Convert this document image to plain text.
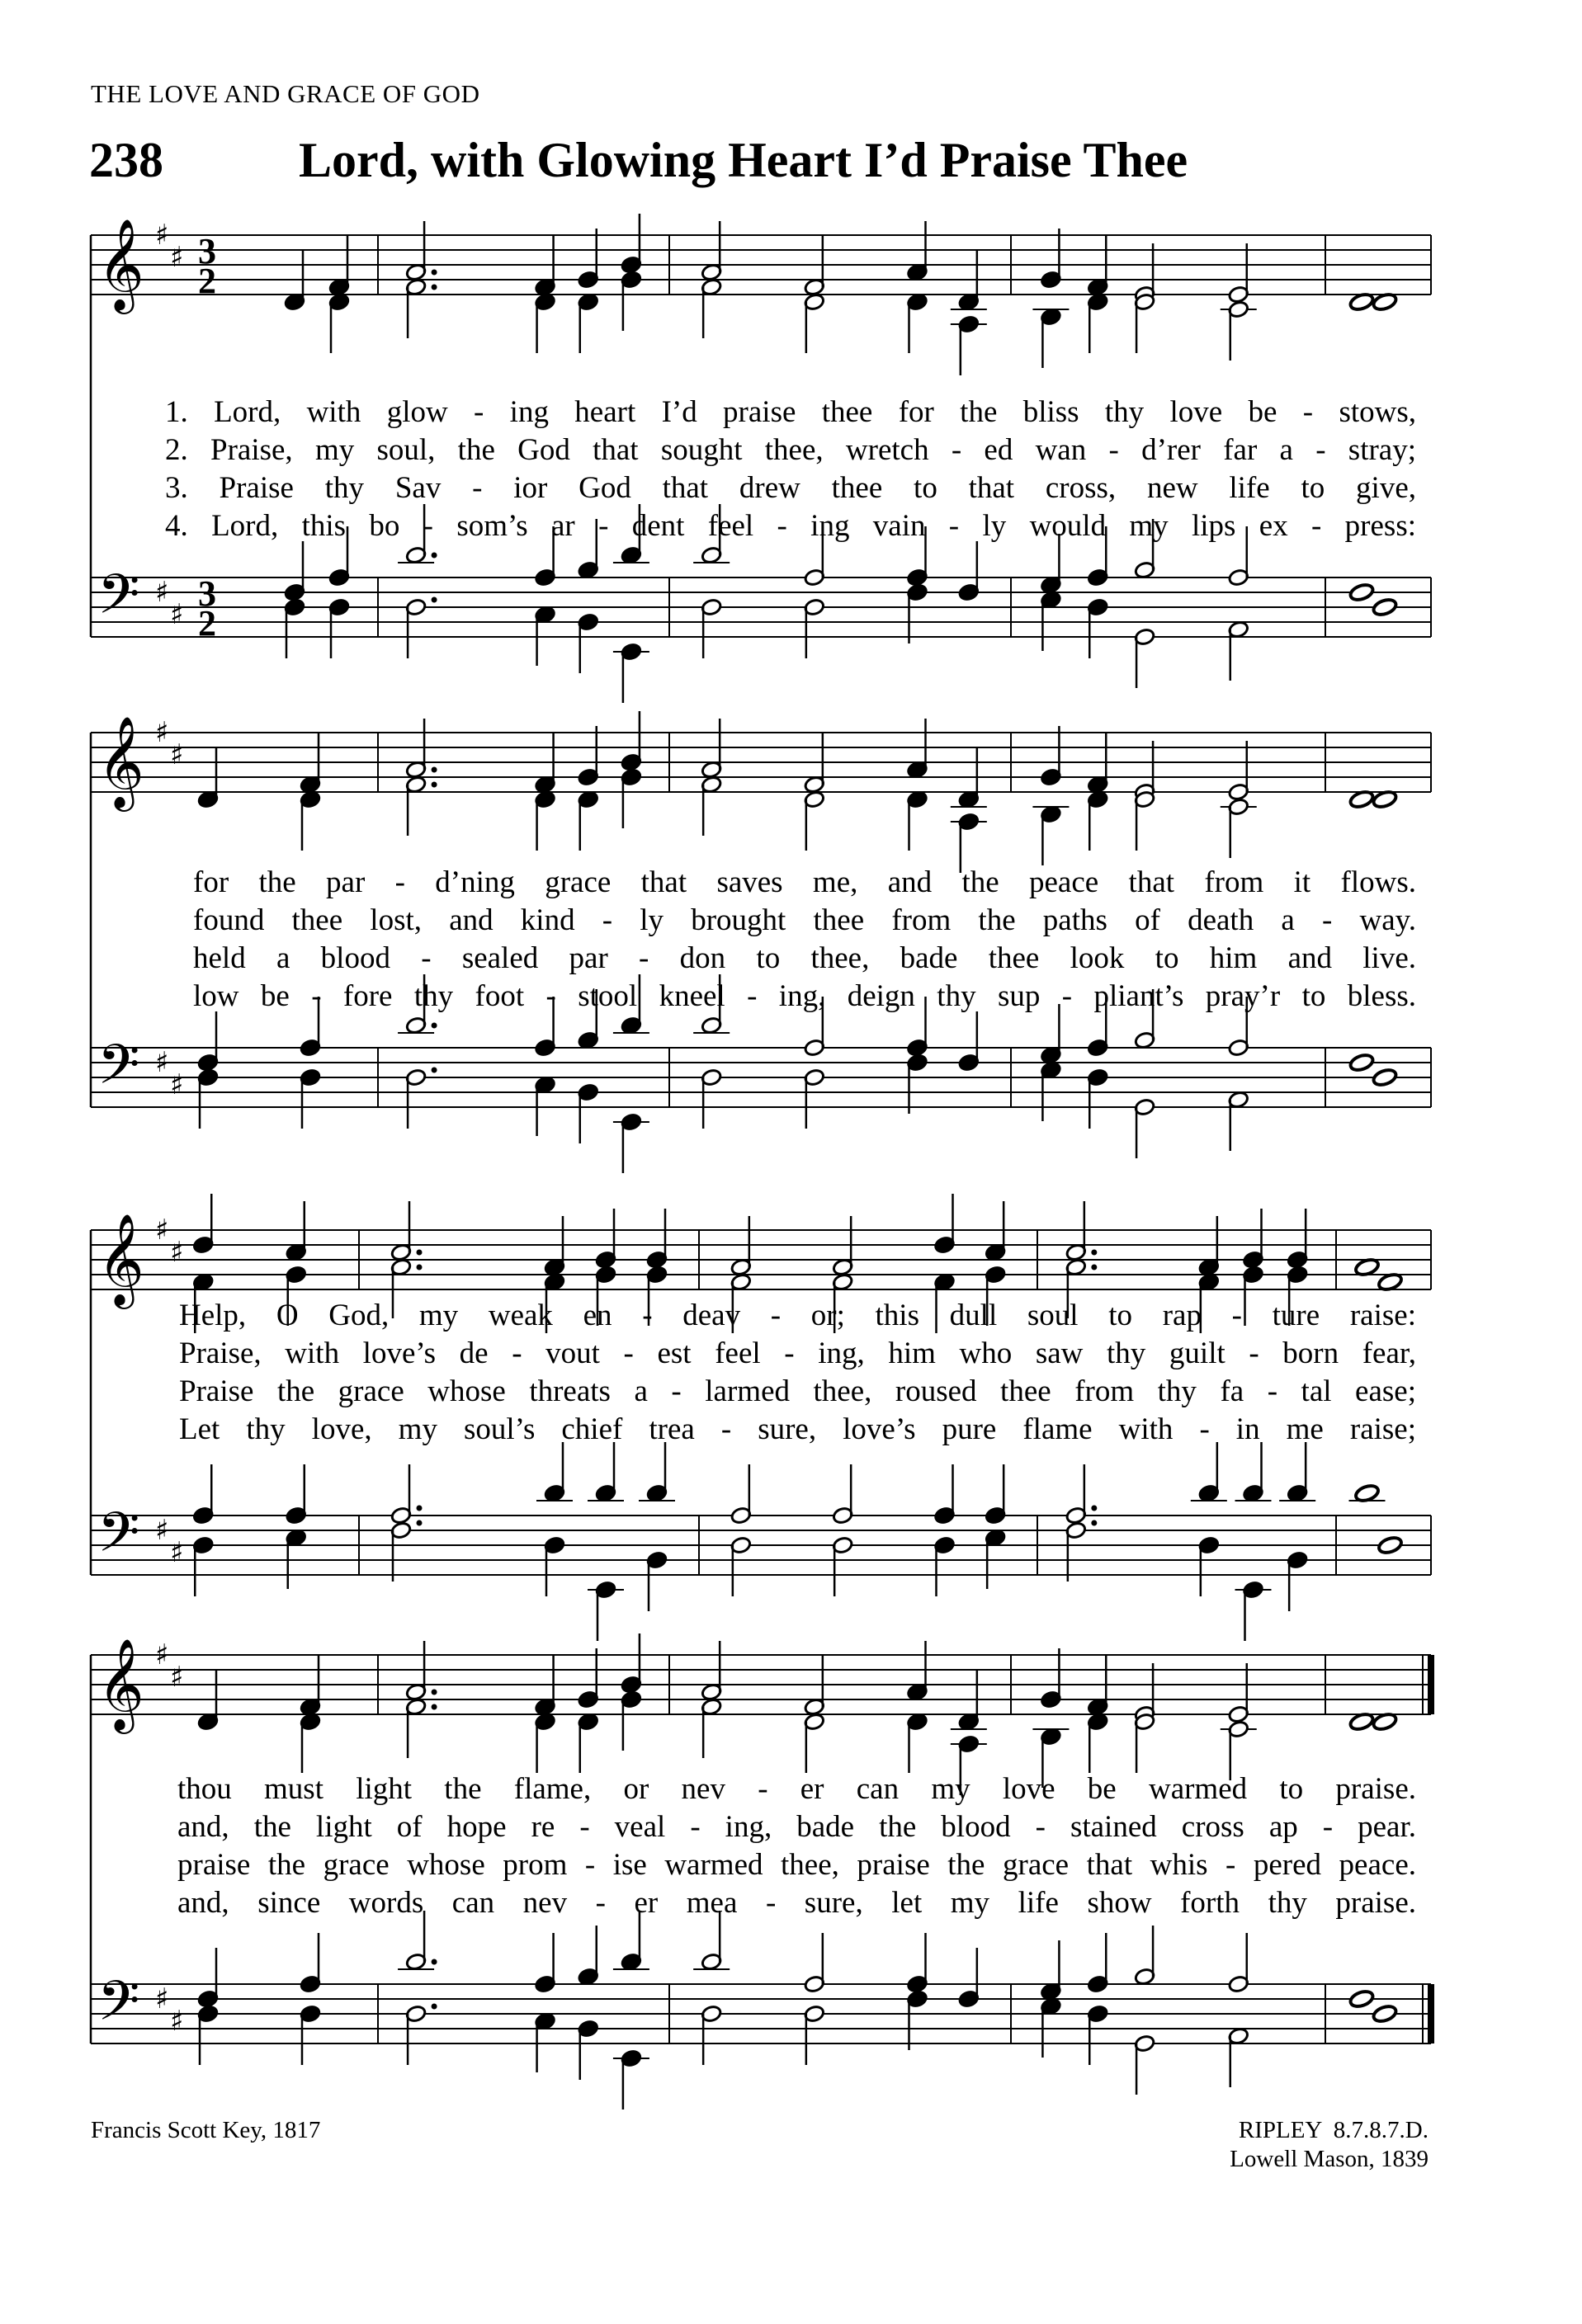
THE LOVE AND GRACE OF GOD
238	Lord, with Glowing Heart I’d Praise Thee
𝄞
𝄢
♯
♯
♯
♯
3
2
3
2
𝄞
𝄢
♯
♯
♯
♯
𝄞
𝄢
♯
♯
♯
♯
𝄞
𝄢
♯
♯
♯
♯
1. Lord, with glow - ing heart I’d praise thee for the bliss thy love be - stows,
2. Praise, my soul, the God that sought thee, wretch - ed wan - d’rer far a - stray;
3. Praise thy Sav - ior God that drew thee to that cross, new life to give,
4. Lord, this bo - som’s ar - dent feel - ing vain - ly would my lips ex - press:
for the par - d’ning grace that saves me, and the peace that from it flows.
found thee lost, and kind - ly brought thee from the paths of death a - way.
held a blood - sealed par - don to thee, bade thee look to him and live.
low be - fore thy foot - stool kneel - ing, deign thy sup - pliant’s pray’r to bless.
Help, O God, my weak en - deav - or; this dull soul to rap - ture raise:
Praise, with love’s de - vout - est feel - ing, him who saw thy guilt - born fear,
Praise the grace whose threats a - larmed thee, roused thee from thy fa - tal ease;
Let thy love, my soul’s chief trea - sure, love’s pure flame with - in me raise;
thou must light the flame, or nev - er can my love be warmed to praise.
and, the light of hope re - veal - ing, bade the blood - stained cross ap - pear.
praise the grace whose prom - ise warmed thee, praise the grace that whis - pered peace.
and, since words can nev - er mea - sure, let my life show forth thy praise.
Francis Scott Key, 1817	RIPLEY  8.7.8.7.D.
Lowell Mason, 1839
